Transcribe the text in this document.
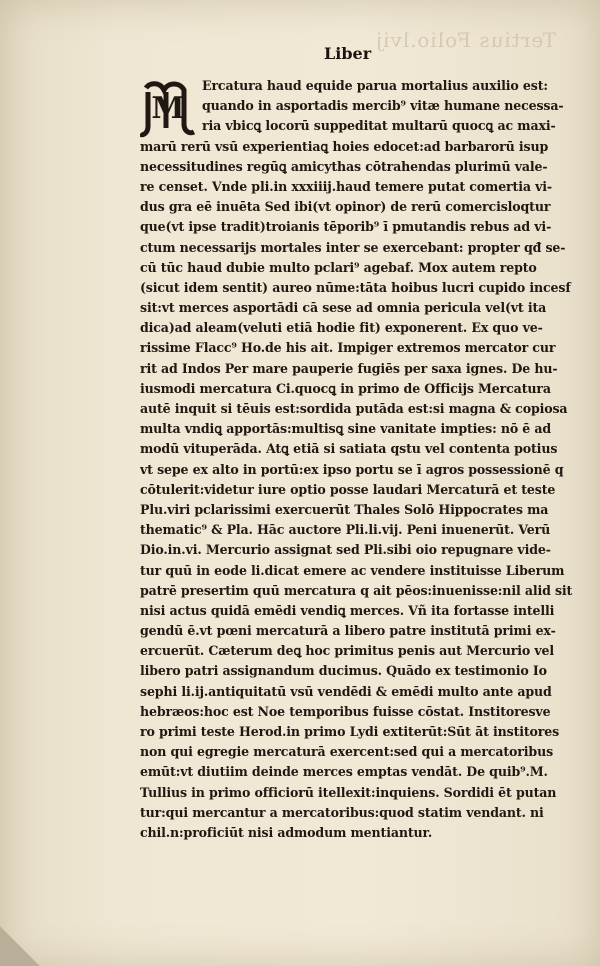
Tertius Folio.lvij
Liber
M
Ercatura haud equide parua mortalius auxilio est:
quando in asportadis mercib⁹ vitæ humane necessa-
ria vbicꝗ locorū suppeditat multarū quocꝗ ac maxi-
marū rerū vsū experientiaꝗ hoies edocet:ad barbarorū isup
necessitudines regūꝗ amicythas cōtrahendas plurimū vale-
re censet. Vnde pli.in xxxiiij.haud temere putat comertia vi-
dus gra eē inuēta Sed ibi(vt opinor) de rerū comercisloqtur
que(vt ipse tradit)troianis tēporib⁹ ī pmutandis rebus ad vi-
ctum necessarijs mortales inter se exercebant: propter qđ se-
cū tūc haud dubie multo pclari⁹ agebaf. Mox autem repto
(sicut idem sentit) aureo nūme:tāta hoibus lucri cupido incesf
sit:vt merces asportādi cā sese ad omnia pericula vel(vt ita
dica)ad aleam(veluti etiā hodie fit) exponerent. Ex quo ve-
rissime Flacc⁹ Ho.de his ait. Impiger extremos mercator cur
rit ad Indos Per mare pauperie fugiēs per saxa ignes. De hu-
iusmodi mercatura Ci.quocꝗ in primo de Officijs Mercatura
autē inquit si tēuis est:sordida putāda est:si magna & copiosa
multa vndiꝗ apportās:multisꝗ sine vanitate impties: nō ē ad
modū vituperāda. Atꝗ etiā si satiata qstu vel contenta potius
vt sepe ex alto in portū:ex ipso portu se ī agros possessionē q
cōtulerit:videtur iure optio posse laudari Mercaturā et teste
Plu.viri pclarissimi exercuerūt Thales Solō Hippocrates ma
thematic⁹ & Pla. Hāc auctore Pli.li.vij. Peni inuenerūt. Verū
Dio.in.vi. Mercurio assignat sed Pli.sibi oio repugnare vide-
tur quū in eode li.dicat emere ac vendere instituisse Liberum
patrē presertim quū mercatura q ait pēos:inuenisse:nil alid sit
nisi actus quidā emēdi vendiꝗ merces. Vñ ita fortasse intelli
gendū ē.vt pœni mercaturā a libero patre institutā primi ex-
ercuerūt. Cæterum deꝗ hoc primitus penis aut Mercurio vel
libero patri assignandum ducimus. Quādo ex testimonio Io
sephi li.ij.antiquitatū vsū vendēdi & emēdi multo ante apud
hebræos:hoc est Noe temporibus fuisse cōstat. Institoresve
ro primi teste Herod.in primo Lydi extiterūt:Sūt āt institores
non qui egregie mercaturā exercent:sed qui a mercatoribus
emūt:vt diutiim deinde merces emptas vendāt. De quib⁹.M.
Tullius in primo officiorū itellexit:inquiens. Sordidi ēt putan
tur:qui mercantur a mercatoribus:quod statim vendant. ni
chil.n:proficiūt nisi admodum mentiantur.
